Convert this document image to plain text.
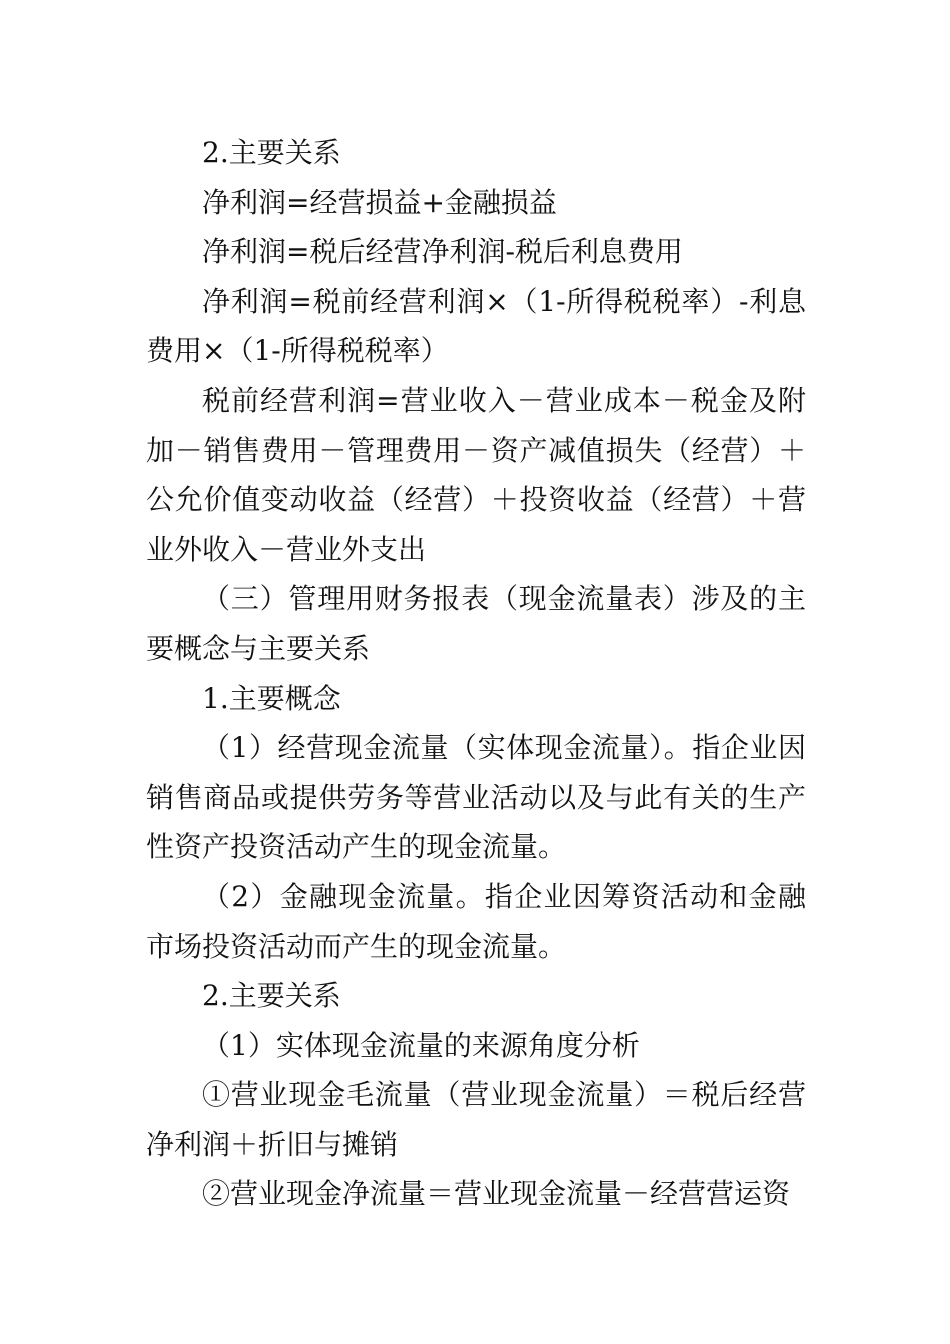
2.主要关系

净利润=经营损益+金融损益

净利润=税后经营净利润-税后利息费用

净利润=税前经营利润×（1-所得税税率）-利息费用×（1-所得税税率）

税前经营利润=营业收入－营业成本－税金及附加－销售费用－管理费用－资产减值损失（经营）＋公允价值变动收益（经营）＋投资收益（经营）＋营业外收入－营业外支出

（三）管理用财务报表（现金流量表）涉及的主要概念与主要关系

1.主要概念

（1）经营现金流量（实体现金流量）。指企业因销售商品或提供劳务等营业活动以及与此有关的生产性资产投资活动产生的现金流量。

（2）金融现金流量。指企业因筹资活动和金融市场投资活动而产生的现金流量。

2.主要关系

（1）实体现金流量的来源角度分析

①营业现金毛流量（营业现金流量）＝税后经营净利润＋折旧与摊销

②营业现金净流量＝营业现金流量－经营营运资
